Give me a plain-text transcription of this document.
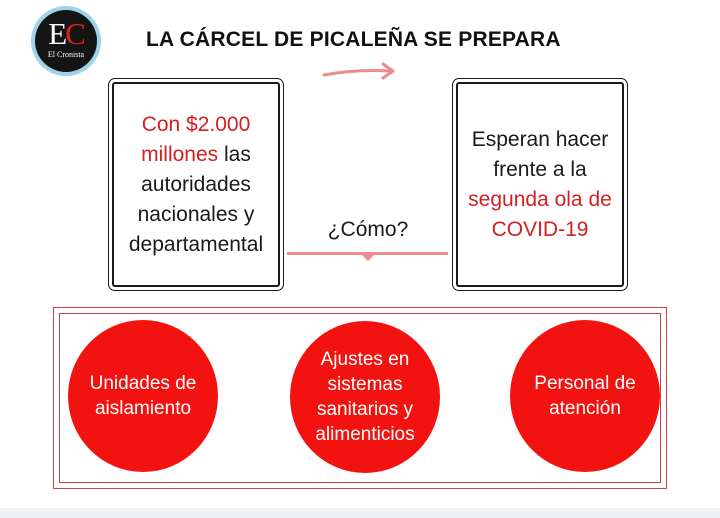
EC
El Cronista
LA CÁRCEL DE PICALEÑA SE PREPARA

Con $2.000 millones las autoridades nacionales y departamental

Esperan hacer frente a la segunda ola de COVID-19

¿Cómo?
Unidades de aislamiento
Ajustes en sistemas sanitarios y alimenticios
Personal de atención
